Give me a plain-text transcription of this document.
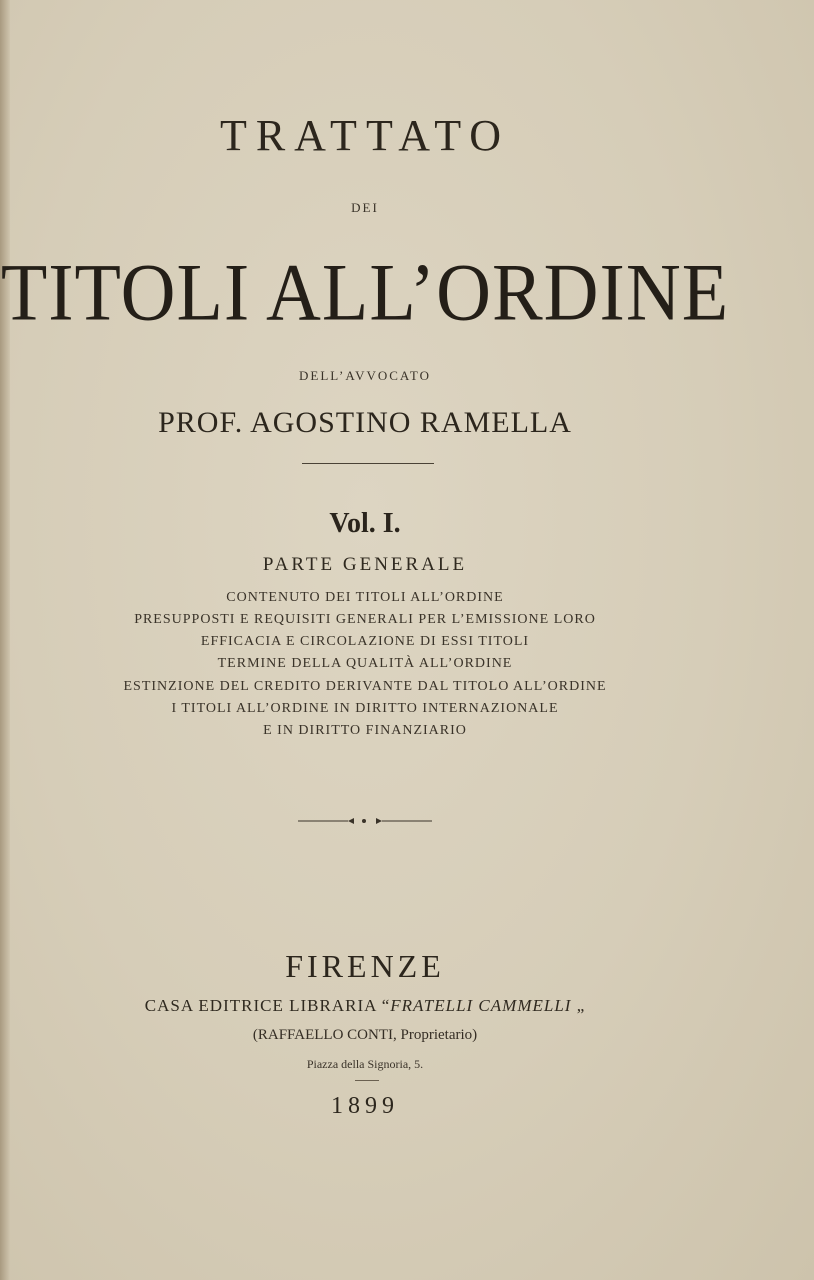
TRATTATO
DEI
TITOLI ALL’ORDINE
DELL’AVVOCATO
PROF. AGOSTINO RAMELLA
Vol. I.
PARTE GENERALE
CONTENUTO DEI TITOLI ALL’ORDINE
PRESUPPOSTI E REQUISITI GENERALI PER L’EMISSIONE LORO
EFFICACIA E CIRCOLAZIONE DI ESSI TITOLI
TERMINE DELLA QUALITÀ ALL’ORDINE
ESTINZIONE DEL CREDITO DERIVANTE DAL TITOLO ALL’ORDINE
I TITOLI ALL’ORDINE IN DIRITTO INTERNAZIONALE
E IN DIRITTO FINANZIARIO
FIRENZE
CASA EDITRICE LIBRARIA “FRATELLI CAMMELLI „
(RAFFAELLO CONTI, Proprietario)
Piazza della Signoria, 5.
1899
